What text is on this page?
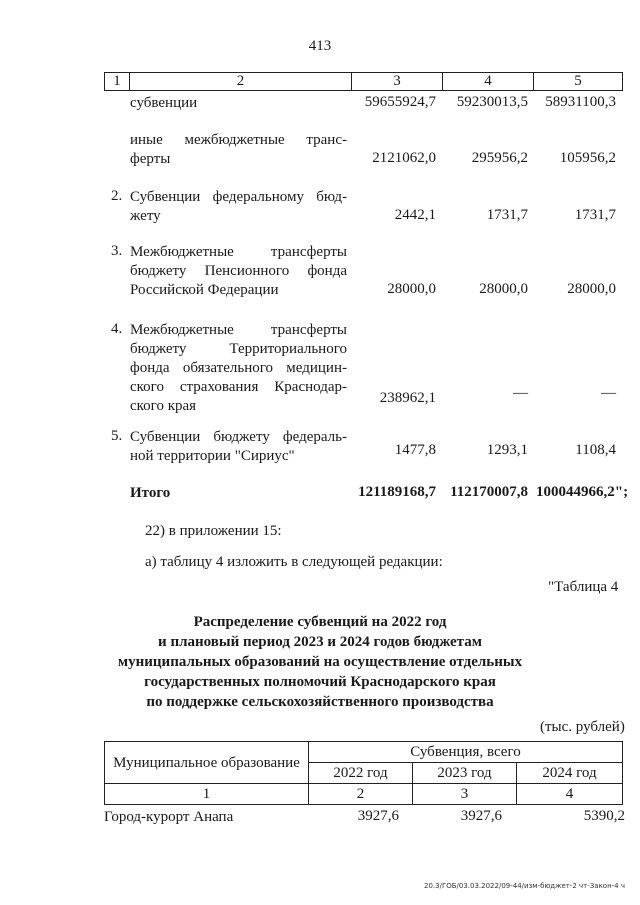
413
1	2	3	4	5
субвенции	59655924,7	59230013,5	58931100,3
иные межбюджетные транс-
ферты	2121062,0	295956,2	105956,2
2. Субвенции федеральному бюд-
жету	2442,1	1731,7	1731,7
3. Межбюджетные трансферты
бюджету Пенсионного фонда
Российской Федерации	28000,0	28000,0	28000,0
4. Межбюджетные трансферты
бюджету Территориального
фонда обязательного медицин-
ского страхования Краснодар-
ского края	238962,1	—	—
5. Субвенции бюджету федераль-
ной территории "Сириус"	1477,8	1293,1	1108,4
Итого	121189168,7 112170007,8 100044966,2";
22) в приложении 15:
а) таблицу 4 изложить в следующей редакции:
"Таблица 4
Распределение субвенций на 2022 год
и плановый период 2023 и 2024 годов бюджетам
муниципальных образований на осуществление отдельных
государственных полномочий Краснодарского края
по поддержке сельскохозяйственного производства
(тыс. рублей)
Муниципальное образование	Субвенция, всего		
	2022 год	2023 год	2024 год
1	2	3	4
Город-курорт Анапа	3927,6	3927,6	5390,2
20.3/ГОБ/03.03.2022/09-44/изм-бюджет-2 чт-Закон-4 ч
